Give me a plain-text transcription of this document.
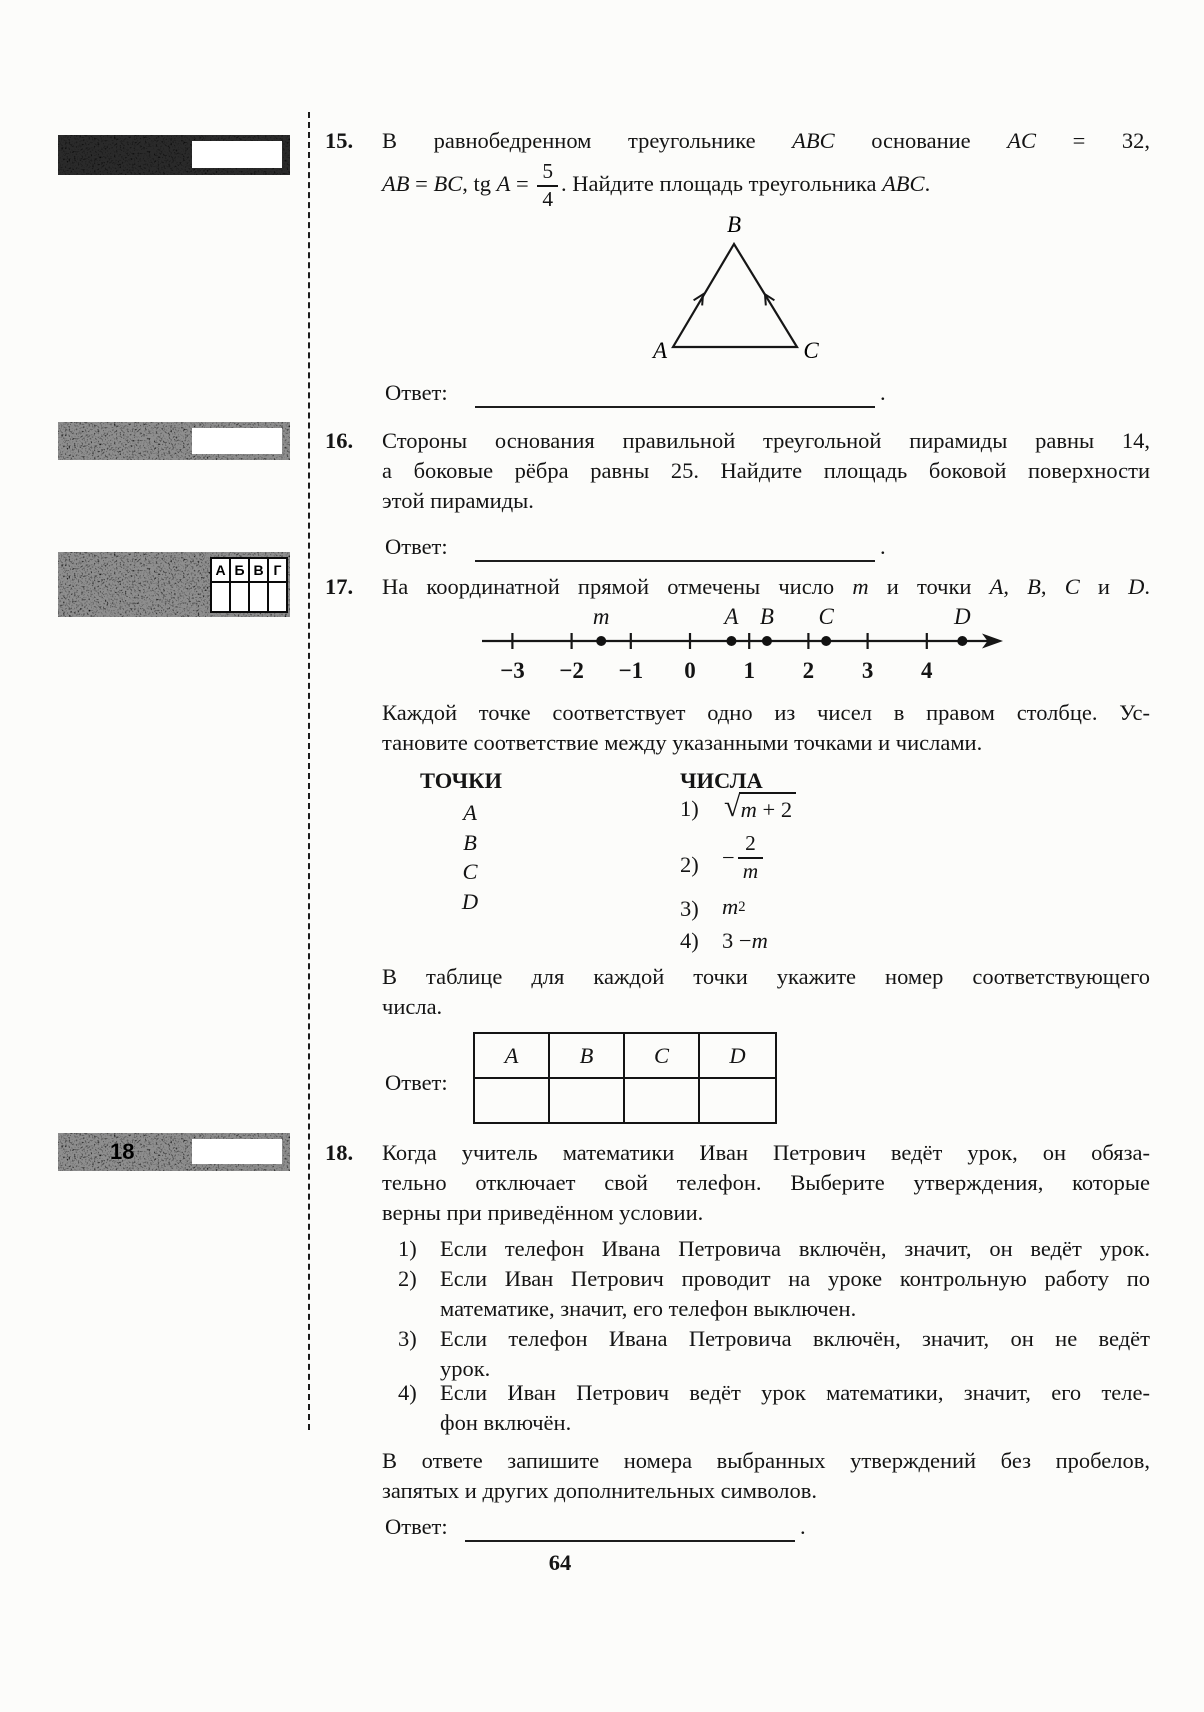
А Б В Г
18
15. В равнобедренном треугольнике ABC основание AC = 32,
AB = BC, tg $A = \frac{5}{4}$ . Найдите площадь треугольника ABC.
B
A	C
Ответ:	.
16. Стороны основания правильной треугольной пирамиды равны 14,
а боковые рёбра равны 25. Найдите площадь боковой поверхности
этой пирамиды.
Ответ:	.
17. На координатной прямой отмечены число m и точки A, B, C и D.
−3 −2 −1 0 1 2 3 4
m	A B C	D
Каждой точке соответствует одно из чисел в правом столбце. Ус-
тановите соответствие между указанными точками и числами.
ТОЧКИ	ЧИСЛА
A
B
C
D
1) √ m + 2
$2) - \frac{2}{m}$
3) m 2
4) 3 − m
В таблице для каждой точки укажите номер соответствующего
числа.
Ответ:
A	B	C	D
18. Когда учитель математики Иван Петрович ведёт урок, он обяза-
тельно отключает свой телефон. Выберите утверждения, которые
верны при приведённом условии.
1) Если телефон Ивана Петровича включён, значит, он ведёт урок.
2) Если Иван Петрович проводит на уроке контрольную работу по
математике, значит, его телефон выключен.
3) Если телефон Ивана Петровича включён, значит, он не ведёт
урок.
4) Если Иван Петрович ведёт урок математики, значит, его теле-
фон включён.
В ответе запишите номера выбранных утверждений без пробелов,
запятых и других дополнительных символов.
Ответ:	.
64
